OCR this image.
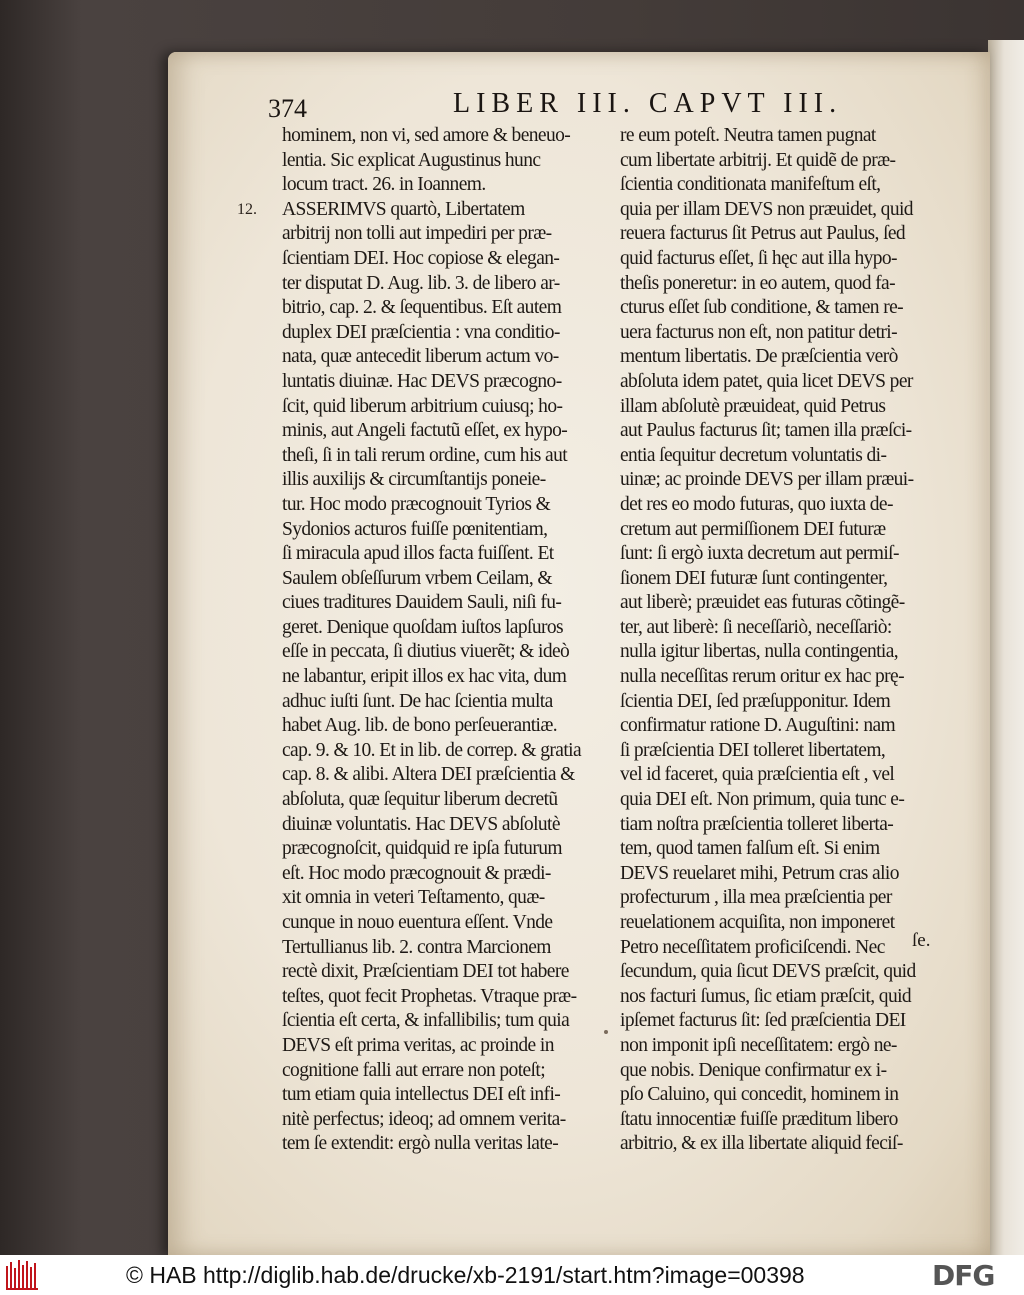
374	LIBER III. CAPVT III.
12.
hominem, non vi, sed amore & beneuo-
lentia. Sic explicat Augustinus hunc
locum tract. 26. in Ioannem.
ASSERIMVS quartò, Libertatem
arbitrij non tolli aut impediri per præ-
ſcientiam DEI. Hoc copiose & elegan-
ter disputat D. Aug. lib. 3. de libero ar-
bitrio, cap. 2. & ſequentibus. Eſt autem
duplex DEI præſcientia : vna conditio-
nata, quæ antecedit liberum actum vo-
luntatis diuinæ. Hac DEVS præcogno-
ſcit, quid liberum arbitrium cuiusq; ho-
minis, aut Angeli factutũ eſſet, ex hypo-
theſi, ſi in tali rerum ordine, cum his aut
illis auxilijs & circumſtantijs poneie-
tur. Hoc modo præcognouit Tyrios &
Sydonios acturos fuiſſe pœnitentiam,
ſi miracula apud illos facta fuiſſent. Et
Saulem obſeſſurum vrbem Ceilam, &
ciues traditures Dauidem Sauli, niſi fu-
geret. Denique quoſdam iuſtos lapſuros
eſſe in peccata, ſi diutius viuerẽt; & ideò
ne labantur, eripit illos ex hac vita, dum
adhuc iuſti ſunt. De hac ſcientia multa
habet Aug. lib. de bono perſeuerantiæ.
cap. 9. & 10. Et in lib. de correp. & gratia
cap. 8. & alibi. Altera DEI præſcientia &
abſoluta, quæ ſequitur liberum decretũ
diuinæ voluntatis. Hac DEVS abſolutè
præcognoſcit, quidquid re ipſa futurum
eſt. Hoc modo præcognouit & prædi-
xit omnia in veteri Teſtamento, quæ-
cunque in nouo euentura eſſent. Vnde
Tertullianus lib. 2. contra Marcionem
rectè dixit, Præſcientiam DEI tot habere
teſtes, quot fecit Prophetas. Vtraque præ-
ſcientia eſt certa, & infallibilis; tum quia
DEVS eſt prima veritas, ac proinde in
cognitione falli aut errare non poteſt;
tum etiam quia intellectus DEI eſt infi-
nitè perfectus; ideoq; ad omnem verita-
tem ſe extendit: ergò nulla veritas late-
re eum poteſt. Neutra tamen pugnat
cum libertate arbitrij. Et quidẽ de præ-
ſcientia conditionata manifeſtum eſt,
quia per illam DEVS non præuidet, quid
reuera facturus ſit Petrus aut Paulus, ſed
quid facturus eſſet, ſi hęc aut illa hypo-
theſis poneretur: in eo autem, quod fa-
cturus eſſet ſub conditione, & tamen re-
uera facturus non eſt, non patitur detri-
mentum libertatis. De præſcientia verò
abſoluta idem patet, quia licet DEVS per
illam abſolutè præuideat, quid Petrus
aut Paulus facturus ſit; tamen illa præſci-
entia ſequitur decretum voluntatis di-
uinæ; ac proinde DEVS per illam præui-
det res eo modo futuras, quo iuxta de-
cretum aut permiſſionem DEI futuræ
ſunt: ſi ergò iuxta decretum aut permiſ-
ſionem DEI futuræ ſunt contingenter,
aut liberè; præuidet eas futuras cõtingẽ-
ter, aut liberè: ſi neceſſariò, neceſſariò:
nulla igitur libertas, nulla contingentia,
nulla neceſſitas rerum oritur ex hac prę-
ſcientia DEI, ſed præſupponitur. Idem
confirmatur ratione D. Auguſtini: nam
ſi præſcientia DEI tolleret libertatem,
vel id faceret, quia præſcientia eſt , vel
quia DEI eſt. Non primum, quia tunc e-
tiam noſtra præſcientia tolleret liberta-
tem, quod tamen falſum eſt. Si enim
DEVS reuelaret mihi, Petrum cras alio
profecturum , illa mea præſcientia per
reuelationem acquiſita, non imponeret
Petro neceſſitatem proficiſcendi. Nec
ſecundum, quia ſicut DEVS præſcit, quid
nos facturi ſumus, ſic etiam præſcit, quid
ipſemet facturus ſit: ſed præſcientia DEI
non imponit ipſi neceſſitatem: ergò ne-
que nobis. Denique confirmatur ex i-
pſo Caluino, qui concedit, hominem in
ſtatu innocentiæ fuiſſe præditum libero
arbitrio, & ex illa libertate aliquid feciſ-
ſe.
© HAB http://diglib.hab.de/drucke/xb-2191/start.htm?image=00398	DFG
